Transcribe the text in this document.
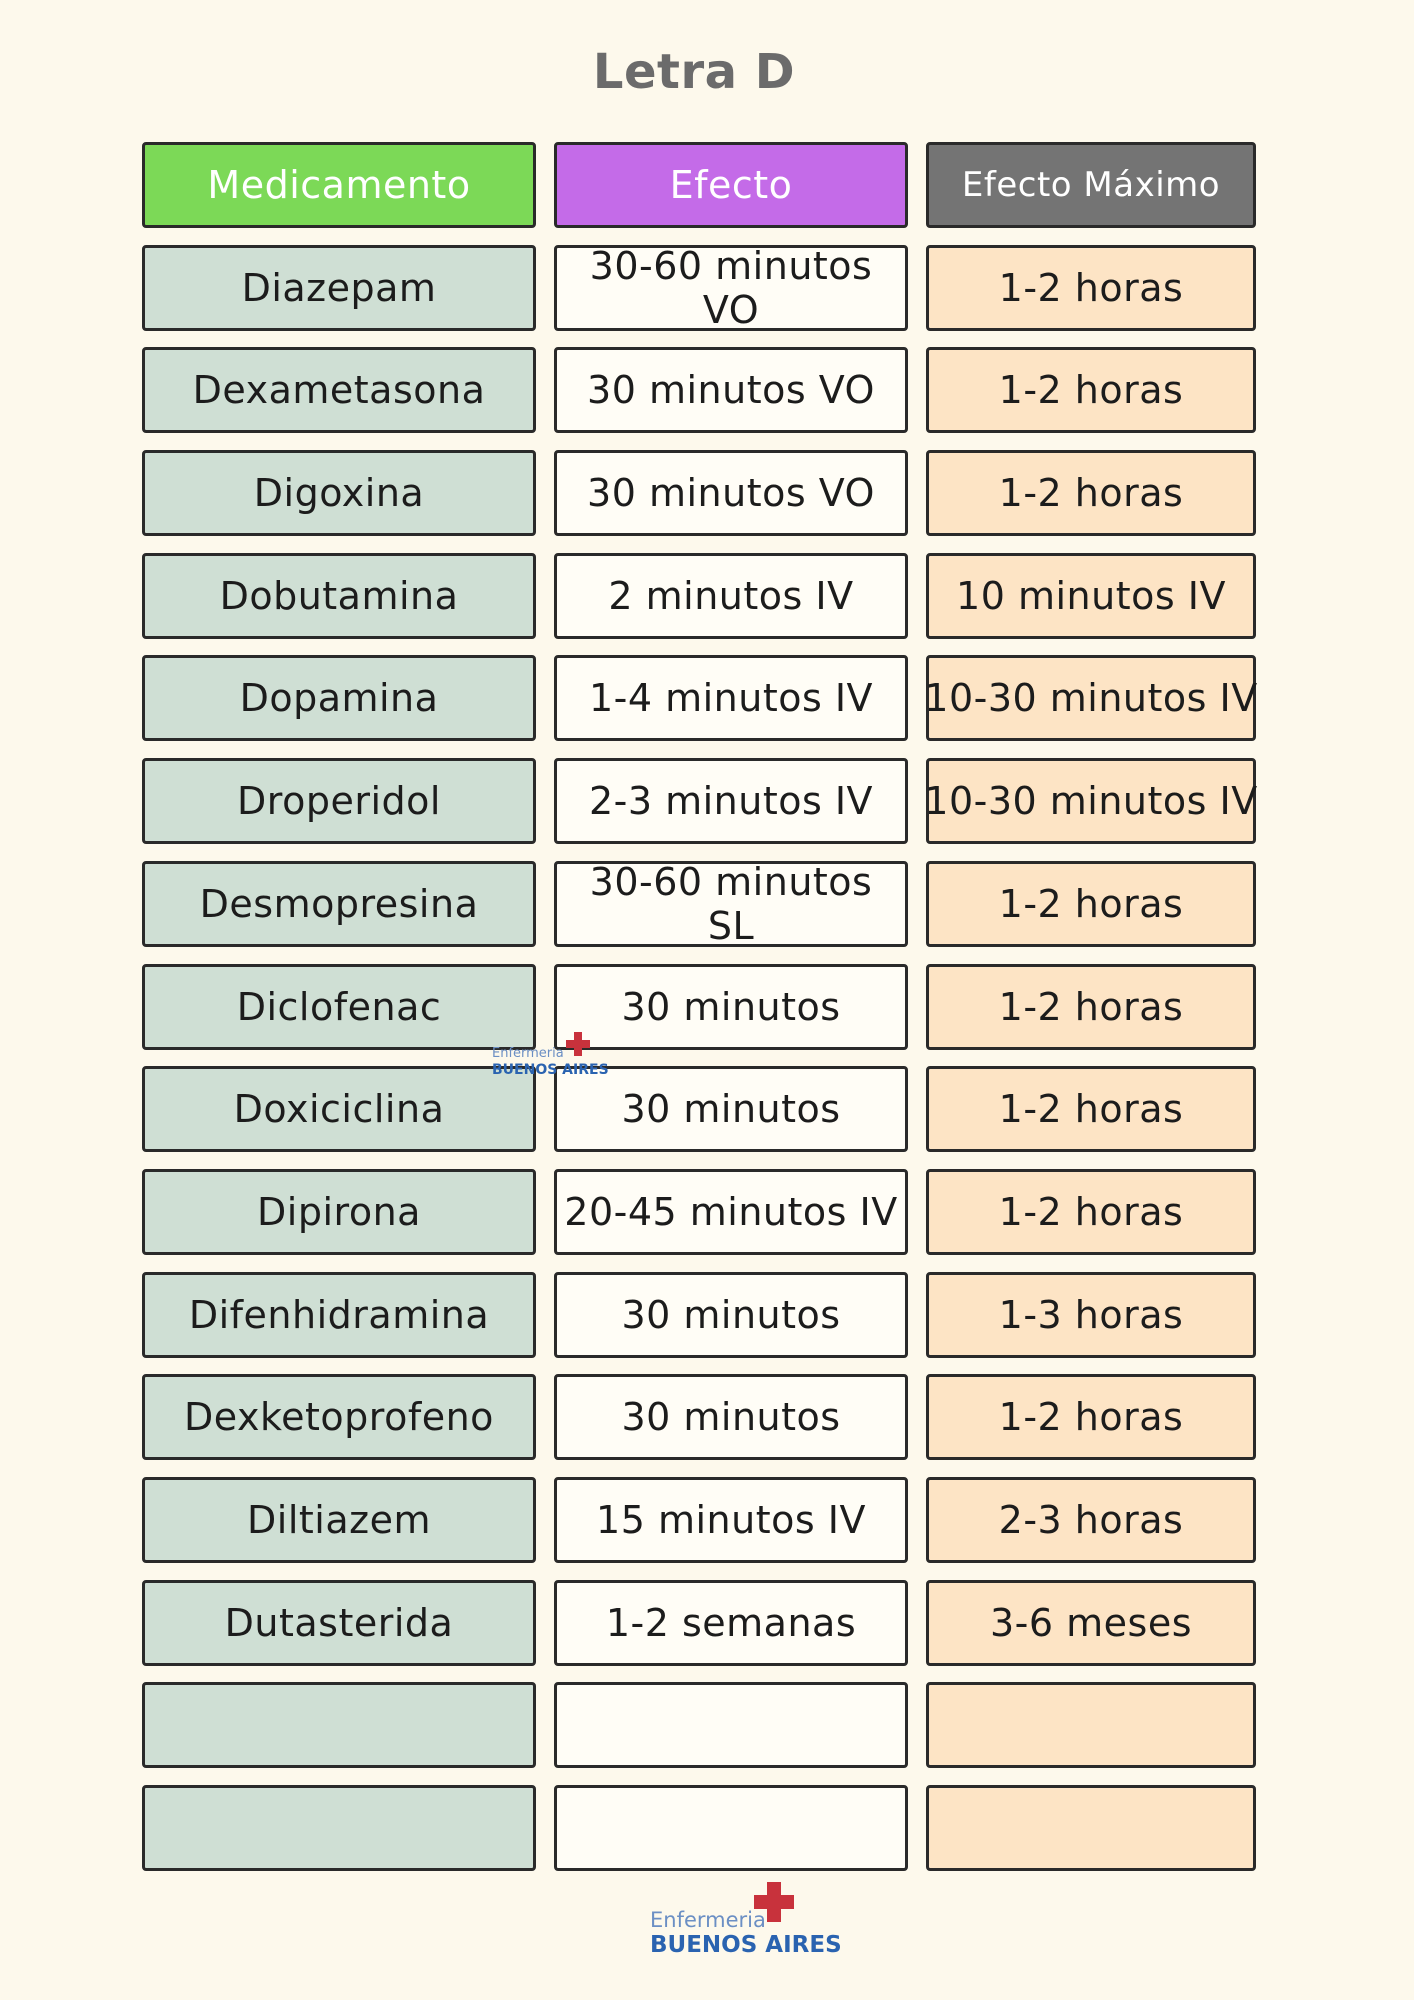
Letra D
Medicamento	Efecto	Efecto Máximo
Diazepam	30-60 minutos VO	1-2 horas
Dexametasona	30 minutos VO	1-2 horas
Digoxina	30 minutos VO	1-2 horas
Dobutamina	2 minutos IV	10 minutos IV
Dopamina	1-4 minutos IV	10-30 minutos IV
Droperidol	2-3 minutos IV	10-30 minutos IV
Desmopresina	30-60 minutos SL	1-2 horas
Diclofenac	30 minutos	1-2 horas
Doxiciclina	30 minutos	1-2 horas
Dipirona	20-45 minutos IV	1-2 horas
Difenhidramina	30 minutos	1-3 horas
Dexketoprofeno	30 minutos	1-2 horas
Diltiazem	15 minutos IV	2-3 horas
Dutasterida	1-2 semanas	3-6 meses
Enfermeria
BUENOS AIRES
Enfermeria
BUENOS AIRES
